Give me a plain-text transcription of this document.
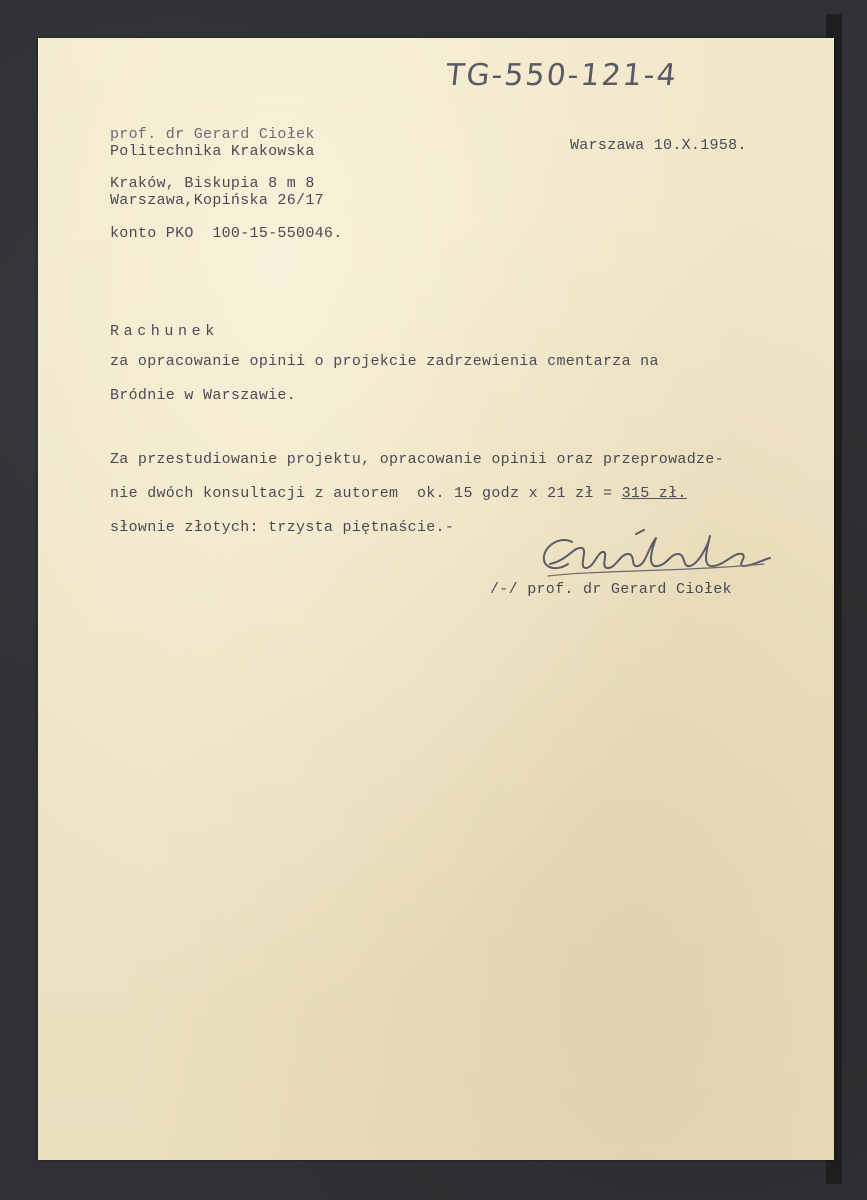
TG-550-121-4
prof. dr Gerard Ciołek
Politechnika Krakowska	Warszawa 10.X.1958.
Kraków, Biskupia 8 m 8
Warszawa,Kopińska 26/17
konto PKO  100-15-550046.
Rachunek
za opracowanie opinii o projekcie zadrzewienia cmentarza na
Bródnie w Warszawie.
Za przestudiowanie projektu, opracowanie opinii oraz przeprowadze-
nie dwóch konsultacji z autorem  ok. 15 godz x 21 zł = 315 zł.
słownie złotych: trzysta piętnaście.-
/-/ prof. dr Gerard Ciołek
